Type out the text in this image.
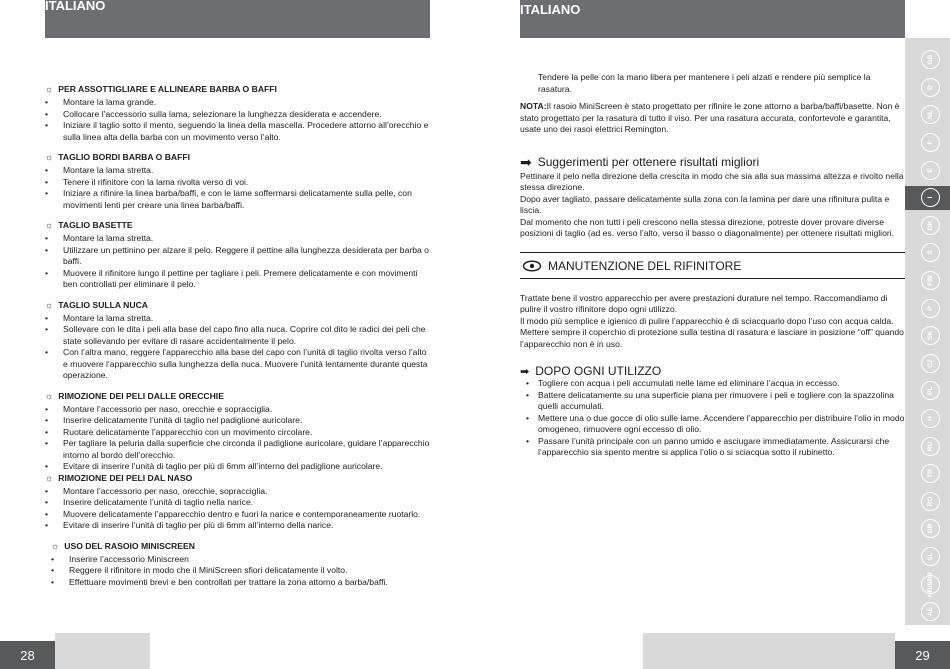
ITALIANO
☼ PER ASSOTTIGLIARE E ALLINEARE BARBA O BAFFI
• Montare la lama grande.
• Collocare l’accessorio sulla lama, selezionare la lunghezza desiderata e accendere.
• Iniziare il taglio sotto il mento, seguendo la linea della mascella. Procedere attorno all’orecchio e sulla linea alta della barba con un movimento verso l’alto.
☼ TAGLIO BORDI BARBA O BAFFI
• Montare la lama stretta.
• Tenere il rifinitore con la lama rivolta verso di voi.
• Iniziare a rifinire la linea barba/baffi, e con le lame soffermarsi delicatamente sulla pelle, con movimenti lenti per creare una linea barba/baffi.
☼ TAGLIO BASETTE
• Montare la lama stretta.
• Utilizzare un pettinino per alzare il pelo. Reggere il pettine alla lunghezza desiderata per barba o baffi.
• Muovere il rifinitore lungo il pettine per tagliare i peli. Premere delicatamente e con movimenti ben controllati per eliminare il pelo.
☼ TAGLIO SULLA NUCA
• Montare la lama stretta.
• Sollevare con le dita i peli alla base del capo fino alla nuca. Coprire col dito le radici dei peli che state sollevando per evitare di rasare accidentalmente il pelo.
• Con l’altra mano, reggere l’apparecchio alla base del capo con l’unità di taglio rivolta verso l’alto e muovere l’apparecchio sulla lunghezza della nuca. Muovere l’unità lentamente durante questa operazione.
☼ RIMOZIONE DEI PELI DALLE ORECCHIE
• Montare l’accessorio per naso, orecchie e sopracciglia.
• Inserire delicatamente l’unità di taglio nel padiglione auricolare.
• Ruotare delicatamente l’apparecchio con un movimento circolare.
• Per tagliare la peluria dalla superficie che circonda il padiglione auricolare, guidare l’apparecchio intorno al bordo dell’orecchio.
• Evitare di inserire l’unità di taglio per più di 6mm all’interno del padiglione auricolare.
☼ RIMOZIONE DEI PELI DAL NASO
• Montare l’accessorio per naso, orecchie, sopracciglia.
• Inserire delicatamente l’unità di taglio nella narice.
• Muovere delicatamente l’apparecchio dentro e fuori la narice e contemporaneamente ruotarlo.
• Evitare di inserire l’unità di taglio per più di 6mm all’interno della narice.
☼ USO DEL RASOIO MINISCREEN
• Inserire l’accessorio Miniscreen
• Reggere il rifinitore in modo che il MiniScreen sfiori delicatamente il volto.
• Effettuare movimenti brevi e ben controllati per trattare la zona attorno a barba/baffi.
28
ITALIANO
Tendere la pelle con la mano libera per mantenere i peli alzati e rendere più semplice la rasatura.
NOTA:Il rasoio MiniScreen è stato progettato per rifinire le zone attorno a barba/baffi/basette. Non è stato progettato per la rasatura di tutto il viso. Per una rasatura accurata, confortevole e garantita, usate uno dei rasoi elettrici Remington.
➡ Suggerimenti per ottenere risultati migliori
Pettinare il pelo nella direzione della crescita in modo che sia alla sua massima altezza e rivolto nella stessa direzione.
Dopo aver tagliato, passare delicatamente sulla zona con la lamina per dare una rifinitura pulita e liscia.
Dal momento che non tutti i peli crescono nella stessa direzione, potreste dover provare diverse posizioni di taglio (ad es. verso l’alto, verso il basso o diagonalmente) per ottenere risultati migliori.
MANUTENZIONE DEL RIFINITORE
Trattate bene il vostro apparecchio per avere prestazioni durature nel tempo. Raccomandiamo di pulire il vostro rifinitore dopo ogni utilizzo.
Il modo più semplice e igienico di pulire l’apparecchio è di sciacquarlo dopo l’uso con acqua calda. Mettere sempre il coperchio di protezione sulla testina di rasatura e lasciare in posizione “off” quando l’apparecchio non è in uso.
➡ DOPO OGNI UTILIZZO
• Togliere con acqua i peli accumulati nelle lame ed eliminare l’acqua in eccesso.
• Battere delicatamente su una superficie piana per rimuovere i peli e togliere con la spazzolina quelli accumulati.
• Mettere una o due gocce di olio sulle lame. Accendere l’apparecchio per distribuire l’olio in modo omogeneo, rimuovere ogni eccesso di olio.
• Passare l’unità principale con un panno umido e asciugare immediatamente. Assicurarsi che l’apparecchio sia spento mentre si applica l’olio o si sciacqua sotto il rubinetto.
29
GB
D
NL
F
E
I
DK
S
FIN
P
SK
CZ
PL
H
RU
TR
RO
GR
SL
HR/SRB
AE
